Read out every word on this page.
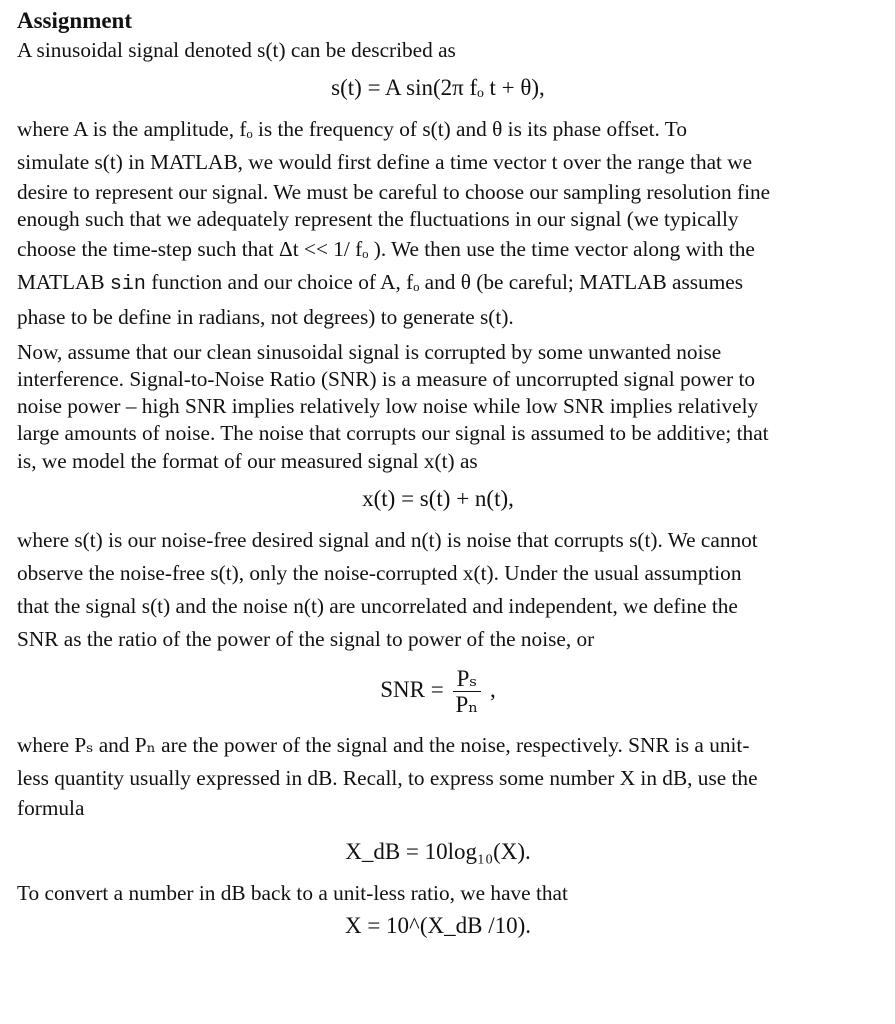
Assignment

A sinusoidal signal denoted s(t) can be described as

s(t) = A sin(2π fₒ t + θ),

where A is the amplitude, fₒ is the frequency of s(t) and θ is its phase offset. To

simulate s(t) in MATLAB, we would first define a time vector t over the range that we

desire to represent our signal. We must be careful to choose our sampling resolution fine

enough such that we adequately represent the fluctuations in our signal (we typically

choose the time-step such that Δt << 1/ fₒ ). We then use the time vector along with the

MATLAB sin function and our choice of A, fₒ and θ (be careful; MATLAB assumes

phase to be define in radians, not degrees) to generate s(t).

Now, assume that our clean sinusoidal signal is corrupted by some unwanted noise

interference. Signal-to-Noise Ratio (SNR) is a measure of uncorrupted signal power to

noise power – high SNR implies relatively low noise while low SNR implies relatively

large amounts of noise. The noise that corrupts our signal is assumed to be additive; that

is, we model the format of our measured signal x(t) as

x(t) = s(t) + n(t),

where s(t) is our noise-free desired signal and n(t) is noise that corrupts s(t). We cannot

observe the noise-free s(t), only the noise-corrupted x(t). Under the usual assumption

that the signal s(t) and the noise n(t) are uncorrelated and independent, we define the

SNR as the ratio of the power of the signal to power of the noise, or

SNR = $\frac{\text{Pₛ}}{\text{Pₙ}}$ ,

where Pₛ and Pₙ are the power of the signal and the noise, respectively. SNR is a unit-

less quantity usually expressed in dB. Recall, to express some number X in dB, use the

formula

X_dB = 10log₁₀(X).

To convert a number in dB back to a unit-less ratio, we have that

X = 10^(X_dB /10).
